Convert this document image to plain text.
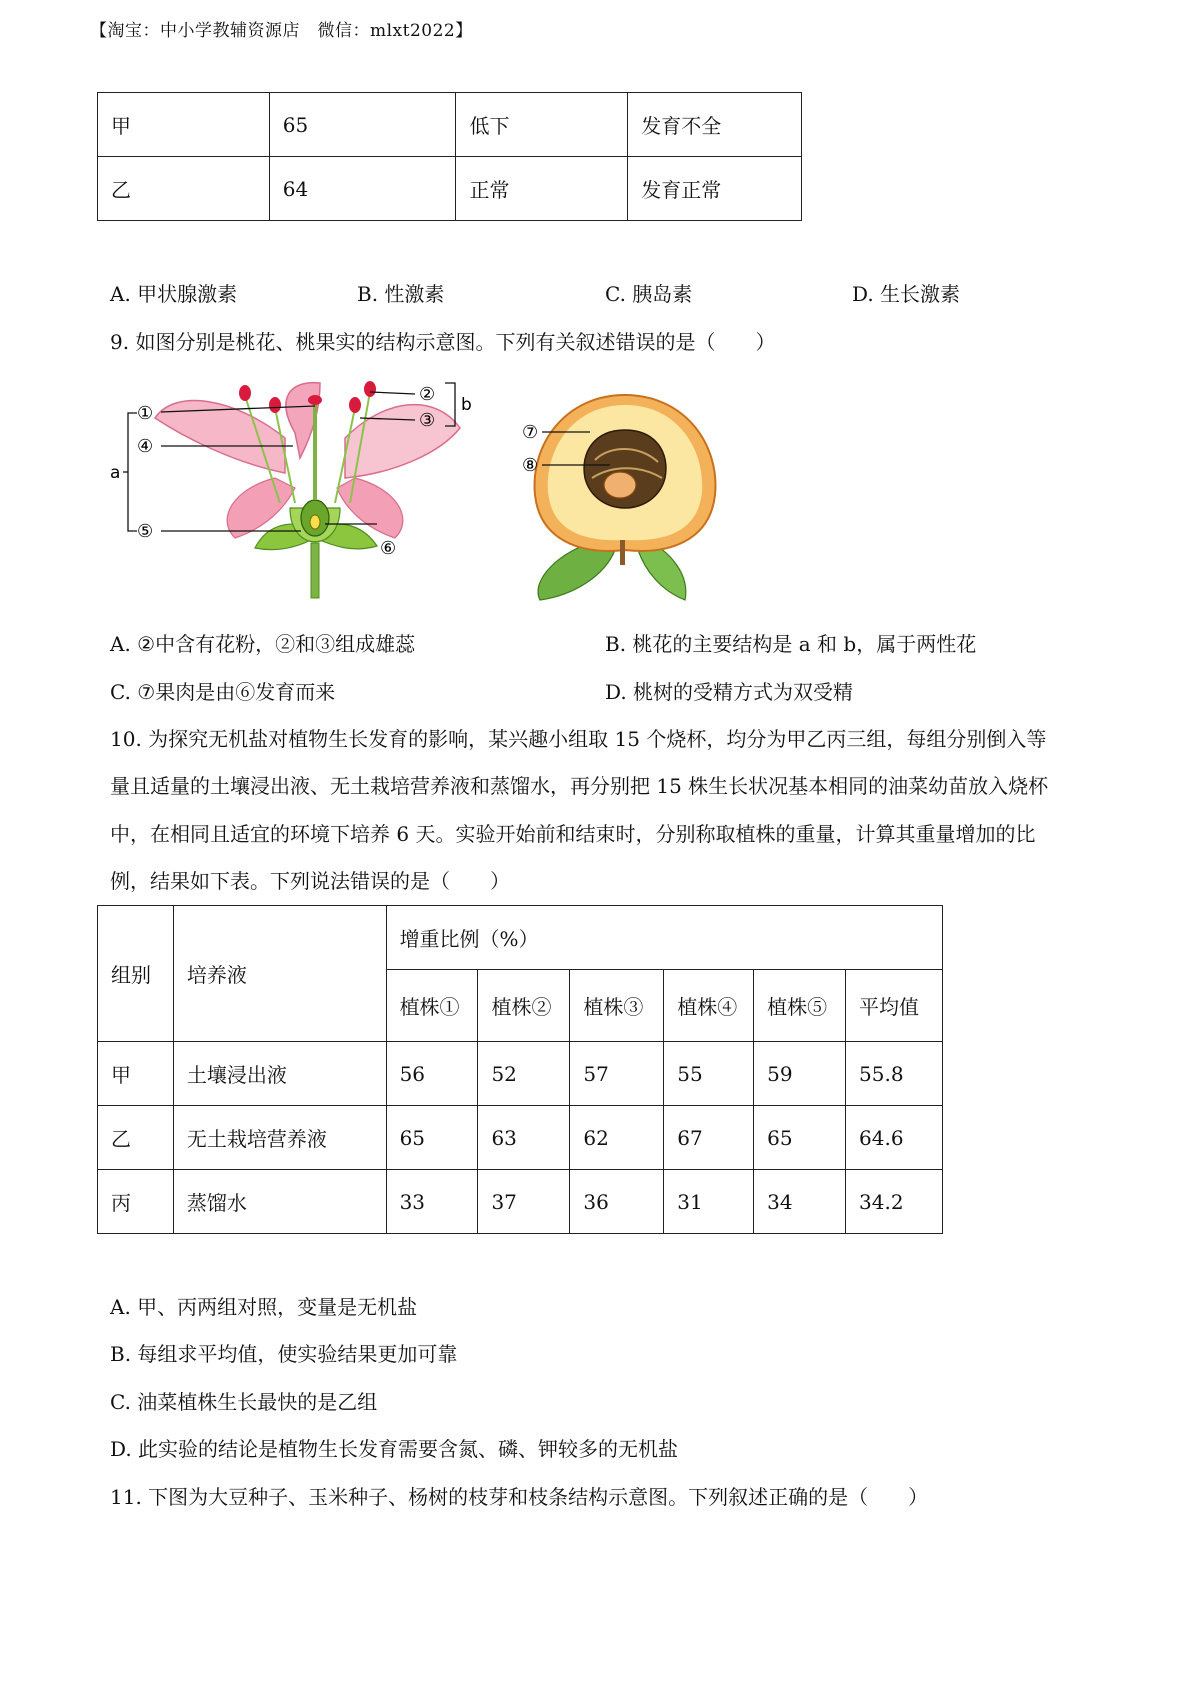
【淘宝：中小学教辅资源店　微信：mlxt2022】
甲	65	低下	发育不全
乙	64	正常	发育正常
A. 甲状腺激素	B. 性激素	C. 胰岛素	D. 生长激素
9. 如图分别是桃花、桃果实的结构示意图。下列有关叙述错误的是（　　）
①
②
③
④
⑤
⑥
a
b
⑦
⑧
A. ②中含有花粉，②和③组成雄蕊	B. 桃花的主要结构是 a 和 b，属于两性花
C. ⑦果肉是由⑥发育而来	D. 桃树的受精方式为双受精
10. 为探究无机盐对植物生长发育的影响，某兴趣小组取 15 个烧杯，均分为甲乙丙三组，每组分别倒入等
量且适量的土壤浸出液、无土栽培营养液和蒸馏水，再分别把 15 株生长状况基本相同的油菜幼苗放入烧杯
中，在相同且适宜的环境下培养 6 天。实验开始前和结束时，分别称取植株的重量，计算其重量增加的比
例，结果如下表。下列说法错误的是（　　）
组别	培养液	增重比例（%）					
		植株①	植株②	植株③	植株④	植株⑤	平均值
甲	土壤浸出液	56	52	57	55	59	55.8
乙	无土栽培营养液	65	63	62	67	65	64.6
丙	蒸馏水	33	37	36	31	34	34.2
A. 甲、丙两组对照，变量是无机盐
B. 每组求平均值，使实验结果更加可靠
C. 油菜植株生长最快的是乙组
D. 此实验的结论是植物生长发育需要含氮、磷、钾较多的无机盐
11. 下图为大豆种子、玉米种子、杨树的枝芽和枝条结构示意图。下列叙述正确的是（　　）
